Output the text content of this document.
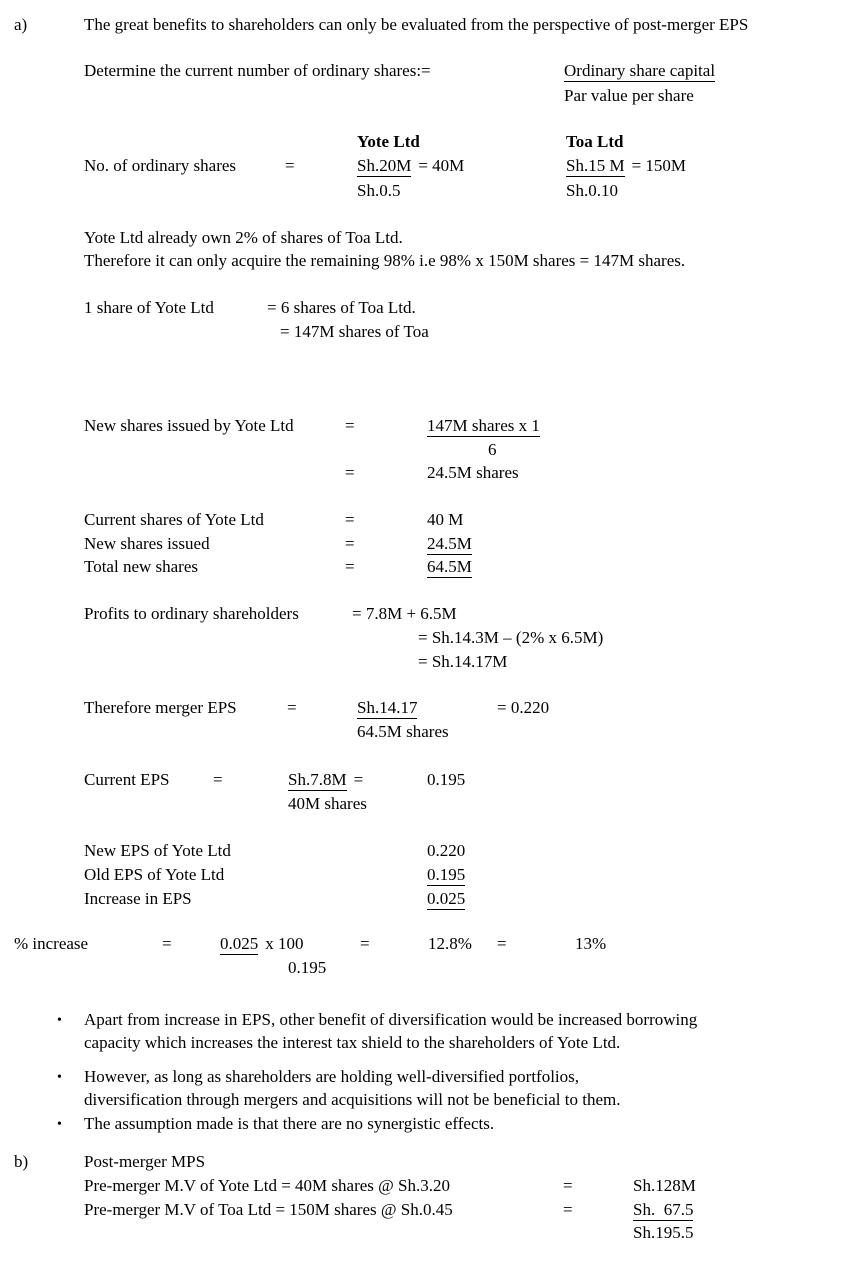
a)	The great benefits to shareholders can only be evaluated from the perspective of post-merger EPS
Determine the current number of ordinary shares:=	Ordinary share capital
Par value per share
Yote Ltd	Toa Ltd
No. of ordinary shares	=	Sh.20M = 40M	Sh.15 M = 150M
Sh.0.5	Sh.0.10
Yote Ltd already own 2% of shares of Toa Ltd.
Therefore it can only acquire the remaining 98% i.e 98% x 150M shares = 147M shares.
1 share of Yote Ltd	= 6 shares of Toa Ltd.
= 147M shares of Toa
New shares issued by Yote Ltd	=	147M shares x 1
6
=	24.5M shares
Current shares of Yote Ltd	=	40 M
New shares issued	=	24.5M
Total new shares	=	64.5M
Profits to ordinary shareholders	= 7.8M + 6.5M
= Sh.14.3M – (2% x 6.5M)
= Sh.14.17M
Therefore merger EPS	=	Sh.14.17	= 0.220
64.5M shares
Current EPS	=	Sh.7.8M =	0.195
40M shares
New EPS of Yote Ltd	0.220
Old EPS of Yote Ltd	0.195
Increase in EPS	0.025
% increase	=	0.025 x 100	=	12.8% =	13%
0.195
• Apart from increase in EPS, other benefit of diversification would be increased borrowing
capacity which increases the interest tax shield to the shareholders of Yote Ltd.
• However, as long as shareholders are holding well-diversified portfolios,
diversification through mergers and acquisitions will not be beneficial to them.
• The assumption made is that there are no synergistic effects.
b)	Post-merger MPS
Pre-merger M.V of Yote Ltd = 40M shares @ Sh.3.20	=	Sh.128M
Pre-merger M.V of Toa Ltd = 150M shares @ Sh.0.45	=	Sh.  67.5
Sh.195.5
